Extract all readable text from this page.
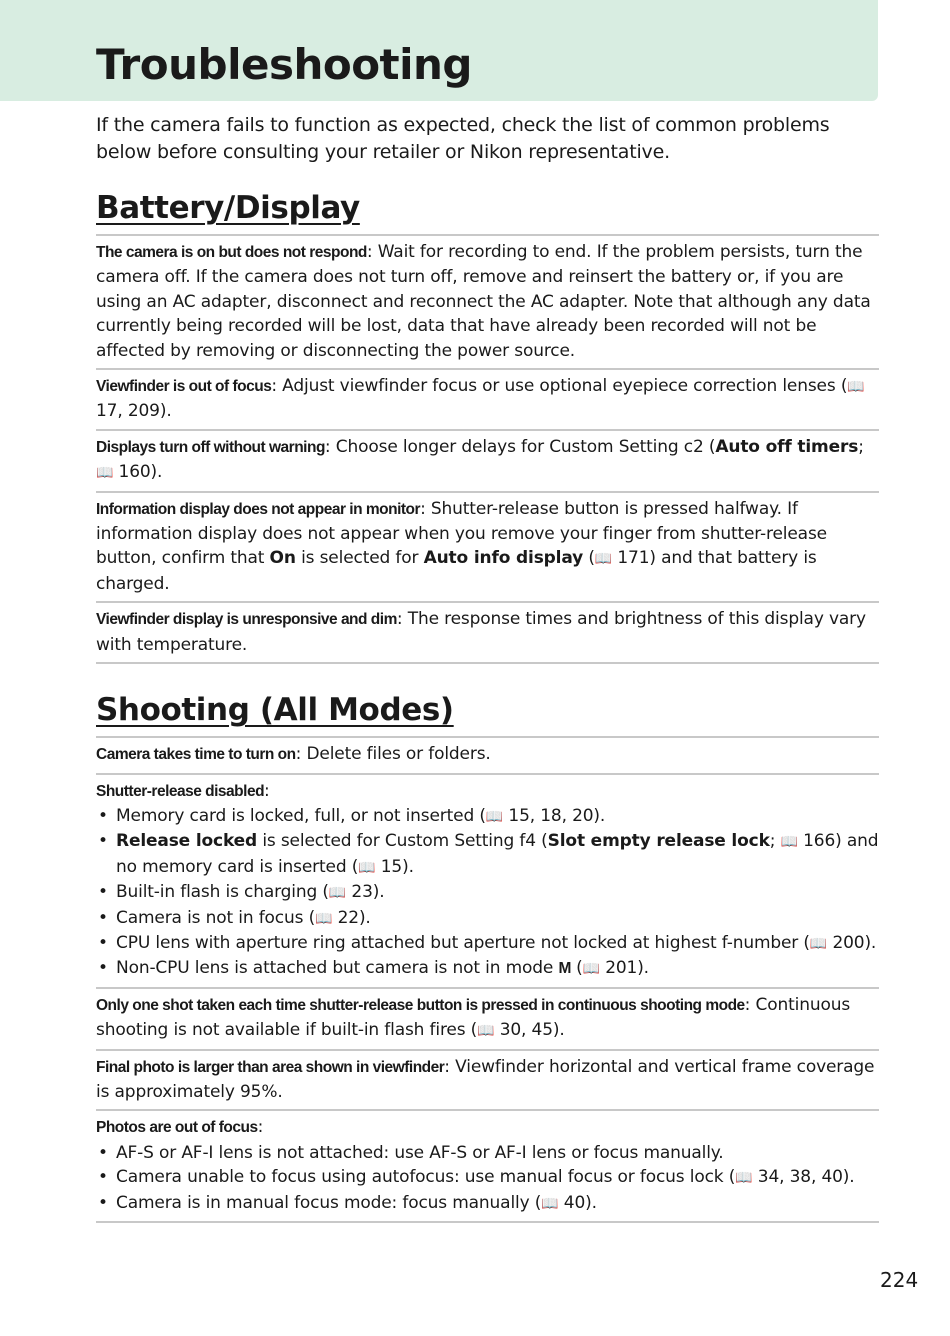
Troubleshooting

If the camera fails to function as expected, check the list of common problems below before consulting your retailer or Nikon representative.

Battery/Display
The camera is on but does not respond: Wait for recording to end. If the problem persists, turn the camera off. If the camera does not turn off, remove and reinsert the battery or, if you are using an AC adapter, disconnect and reconnect the AC adapter. Note that although any data currently being recorded will be lost, data that have already been recorded will not be affected by removing or disconnecting the power source.
Viewfinder is out of focus: Adjust viewfinder focus or use optional eyepiece correction lenses (📖 17, 209).
Displays turn off without warning: Choose longer delays for Custom Setting c2 (Auto off timers; 📖 160).
Information display does not appear in monitor: Shutter-release button is pressed halfway. If information display does not appear when you remove your finger from shutter-release button, confirm that On is selected for Auto info display (📖 171) and that battery is charged.
Viewfinder display is unresponsive and dim: The response times and brightness of this display vary with temperature.
Shooting (All Modes)
Camera takes time to turn on: Delete files or folders.
Shutter-release disabled:
• Memory card is locked, full, or not inserted (📖 15, 18, 20).
• Release locked is selected for Custom Setting f4 (Slot empty release lock; 📖 166) and no memory card is inserted (📖 15).
• Built-in flash is charging (📖 23).
• Camera is not in focus (📖 22).
• CPU lens with aperture ring attached but aperture not locked at highest f-number (📖 200).
• Non-CPU lens is attached but camera is not in mode M (📖 201).
Only one shot taken each time shutter-release button is pressed in continuous shooting mode: Continuous shooting is not available if built-in flash fires (📖 30, 45).
Final photo is larger than area shown in viewfinder: Viewfinder horizontal and vertical frame coverage is approximately 95%.
Photos are out of focus:
• AF-S or AF-I lens is not attached: use AF-S or AF-I lens or focus manually.
• Camera unable to focus using autofocus: use manual focus or focus lock (📖 34, 38, 40).
• Camera is in manual focus mode: focus manually (📖 40).
224
